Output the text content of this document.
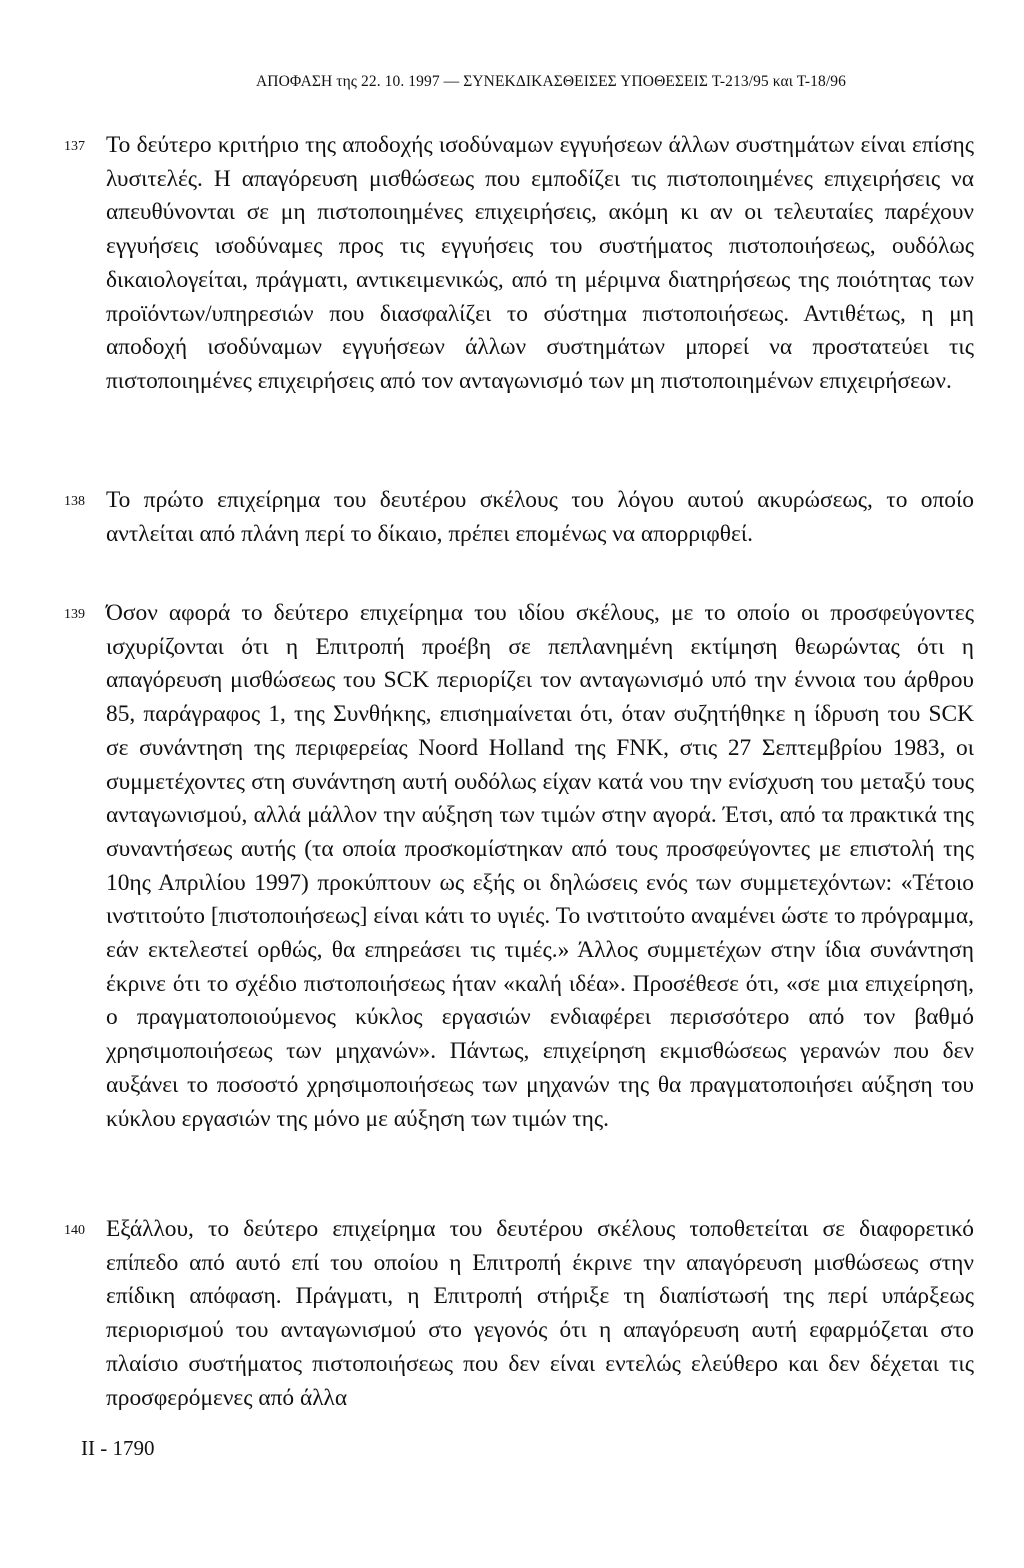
ΑΠΟΦΑΣΗ της 22. 10. 1997 — ΣΥΝΕΚΔΙΚΑΣΘΕΙΣΕΣ ΥΠΟΘΕΣΕΙΣ Τ-213/95 και Τ-18/96
137 Το δεύτερο κριτήριο της αποδοχής ισοδύναμων εγγυήσεων άλλων συστημάτων είναι επίσης λυσιτελές. Η απαγόρευση μισθώσεως που εμποδίζει τις πιστοποιημένες επιχειρήσεις να απευθύνονται σε μη πιστοποιημένες επιχειρήσεις, ακόμη κι αν οι τελευταίες παρέχουν εγγυήσεις ισοδύναμες προς τις εγγυήσεις του συστήματος πιστοποιήσεως, ουδόλως δικαιολογείται, πράγματι, αντικειμενικώς, από τη μέριμνα διατηρήσεως της ποιότητας των προϊόντων/υπηρεσιών που διασφαλίζει το σύστημα πιστοποιήσεως. Αντιθέτως, η μη αποδοχή ισοδύναμων εγγυήσεων άλλων συστημάτων μπορεί να προστατεύει τις πιστοποιημένες επιχειρήσεις από τον ανταγωνισμό των μη πιστοποιημένων επιχειρήσεων.
138 Το πρώτο επιχείρημα του δευτέρου σκέλους του λόγου αυτού ακυρώσεως, το οποίο αντλείται από πλάνη περί το δίκαιο, πρέπει επομένως να απορριφθεί.
139 Όσον αφορά το δεύτερο επιχείρημα του ιδίου σκέλους, με το οποίο οι προσφεύγοντες ισχυρίζονται ότι η Επιτροπή προέβη σε πεπλανημένη εκτίμηση θεωρώντας ότι η απαγόρευση μισθώσεως του SCK περιορίζει τον ανταγωνισμό υπό την έννοια του άρθρου 85, παράγραφος 1, της Συνθήκης, επισημαίνεται ότι, όταν συζητήθηκε η ίδρυση του SCK σε συνάντηση της περιφερείας Noord Holland της FNK, στις 27 Σεπτεμβρίου 1983, οι συμμετέχοντες στη συνάντηση αυτή ουδόλως είχαν κατά νου την ενίσχυση του μεταξύ τους ανταγωνισμού, αλλά μάλλον την αύξηση των τιμών στην αγορά. Έτσι, από τα πρακτικά της συναντήσεως αυτής (τα οποία προσκομίστηκαν από τους προσφεύγοντες με επιστολή της 10ης Απριλίου 1997) προκύπτουν ως εξής οι δηλώσεις ενός των συμμετεχόντων: «Τέτοιο ινστιτούτο [πιστοποιήσεως] είναι κάτι το υγιές. Το ινστιτούτο αναμένει ώστε το πρόγραμμα, εάν εκτελεστεί ορθώς, θα επηρεάσει τις τιμές.» Άλλος συμμετέχων στην ίδια συνάντηση έκρινε ότι το σχέδιο πιστοποιήσεως ήταν «καλή ιδέα». Προσέθεσε ότι, «σε μια επιχείρηση, ο πραγματοποιούμενος κύκλος εργασιών ενδιαφέρει περισσότερο από τον βαθμό χρησιμοποιήσεως των μηχανών». Πάντως, επιχείρηση εκμισθώσεως γερανών που δεν αυξάνει το ποσοστό χρησιμοποιήσεως των μηχανών της θα πραγματοποιήσει αύξηση του κύκλου εργασιών της μόνο με αύξηση των τιμών της.
140 Εξάλλου, το δεύτερο επιχείρημα του δευτέρου σκέλους τοποθετείται σε διαφορετικό επίπεδο από αυτό επί του οποίου η Επιτροπή έκρινε την απαγόρευση μισθώσεως στην επίδικη απόφαση. Πράγματι, η Επιτροπή στήριξε τη διαπίστωσή της περί υπάρξεως περιορισμού του ανταγωνισμού στο γεγονός ότι η απαγόρευση αυτή εφαρμόζεται στο πλαίσιο συστήματος πιστοποιήσεως που δεν είναι εντελώς ελεύθερο και δεν δέχεται τις προσφερόμενες από άλλα
II - 1790
